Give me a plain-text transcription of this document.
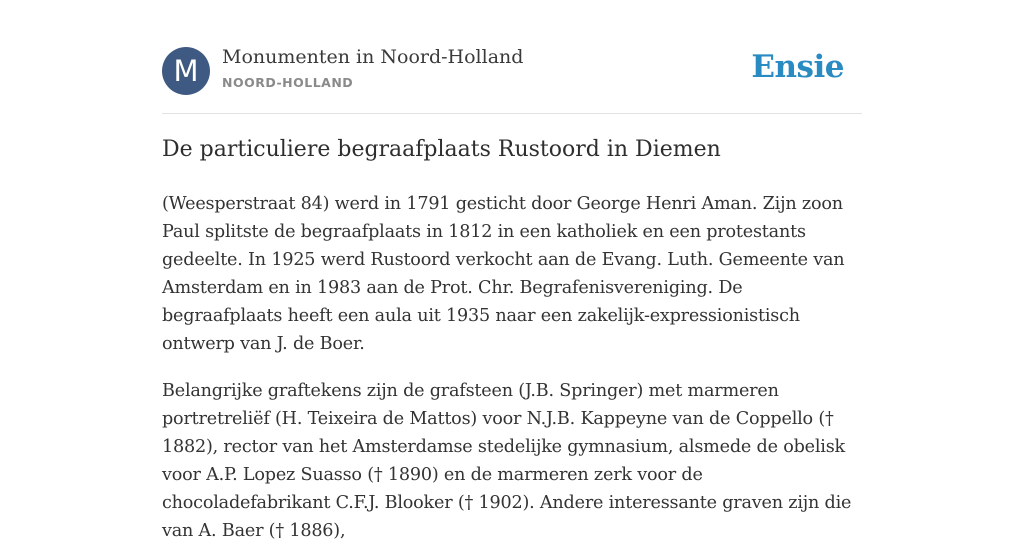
M	Monumenten in Noord-Holland
NOORD-HOLLAND	Ensie
De particuliere begraafplaats Rustoord in Diemen

(Weesperstraat 84) werd in 1791 gesticht door George Henri Aman. Zijn zoon Paul splitste de begraafplaats in 1812 in een katholiek en een protestants gedeelte. In 1925 werd Rustoord verkocht aan de Evang. Luth. Gemeente van Amsterdam en in 1983 aan de Prot. Chr. Begrafenisvereniging. De begraafplaats heeft een aula uit 1935 naar een zakelijk-expressionistisch ontwerp van J. de Boer.

Belangrijke graftekens zijn de grafsteen (J.B. Springer) met marmeren portretreliëf (H. Teixeira de Mattos) voor N.J.B. Kappeyne van de Coppello († 1882), rector van het Amsterdamse stedelijke gymnasium, alsmede de obelisk voor A.P. Lopez Suasso († 1890) en de marmeren zerk voor de chocoladefabrikant C.F.J. Blooker († 1902). Andere interessante graven zijn die van A. Baer († 1886),
